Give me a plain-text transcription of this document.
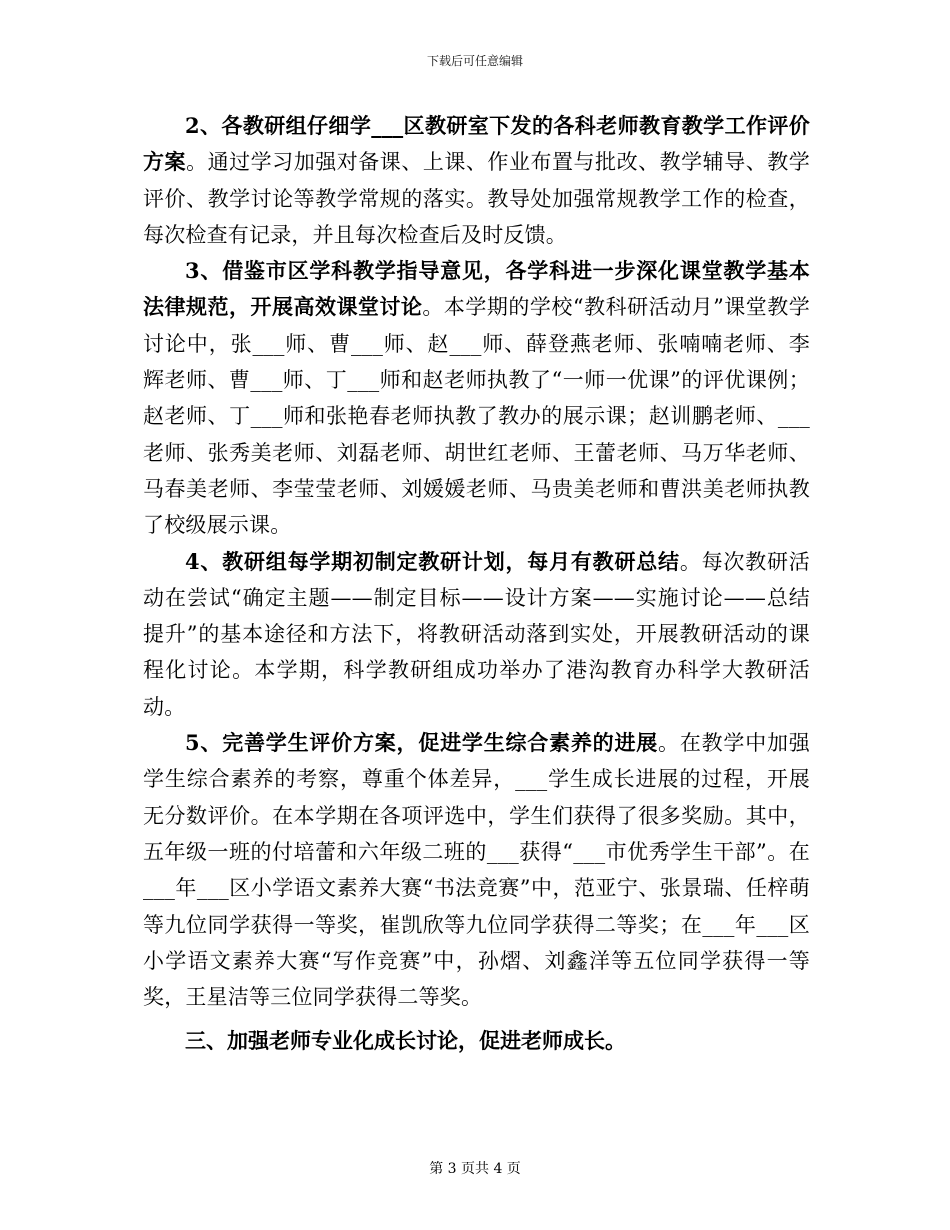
下载后可任意编辑

2、各教研组仔细学___区教研室下发的各科老师教育教学工作评价方案。通过学习加强对备课、上课、作业布置与批改、教学辅导、教学评价、教学讨论等教学常规的落实。教导处加强常规教学工作的检查，每次检查有记录，并且每次检查后及时反馈。

3、借鉴市区学科教学指导意见，各学科进一步深化课堂教学基本法律规范，开展高效课堂讨论。本学期的学校“教科研活动月”课堂教学讨论中，张___师、曹___师、赵___师、薛登燕老师、张喃喃老师、李辉老师、曹___师、丁___师和赵老师执教了“一师一优课”的评优课例；赵老师、丁___师和张艳春老师执教了教办的展示课；赵训鹏老师、___老师、张秀美老师、刘磊老师、胡世红老师、王蕾老师、马万华老师、马春美老师、李莹莹老师、刘媛媛老师、马贵美老师和曹洪美老师执教了校级展示课。

4、教研组每学期初制定教研计划，每月有教研总结。每次教研活动在尝试“确定主题——制定目标——设计方案——实施讨论——总结提升”的基本途径和方法下，将教研活动落到实处，开展教研活动的课程化讨论。本学期，科学教研组成功举办了港沟教育办科学大教研活动。

5、完善学生评价方案，促进学生综合素养的进展。在教学中加强学生综合素养的考察，尊重个体差异，___学生成长进展的过程，开展无分数评价。在本学期在各项评选中，学生们获得了很多奖励。其中，五年级一班的付培蕾和六年级二班的___获得“___市优秀学生干部”。在___年___区小学语文素养大赛“书法竞赛”中，范亚宁、张景瑞、任梓萌等九位同学获得一等奖，崔凯欣等九位同学获得二等奖；在___年___区小学语文素养大赛“写作竞赛”中，孙熠、刘鑫洋等五位同学获得一等奖，王星洁等三位同学获得二等奖。

三、加强老师专业化成长讨论，促进老师成长。

第 3 页共 4 页
